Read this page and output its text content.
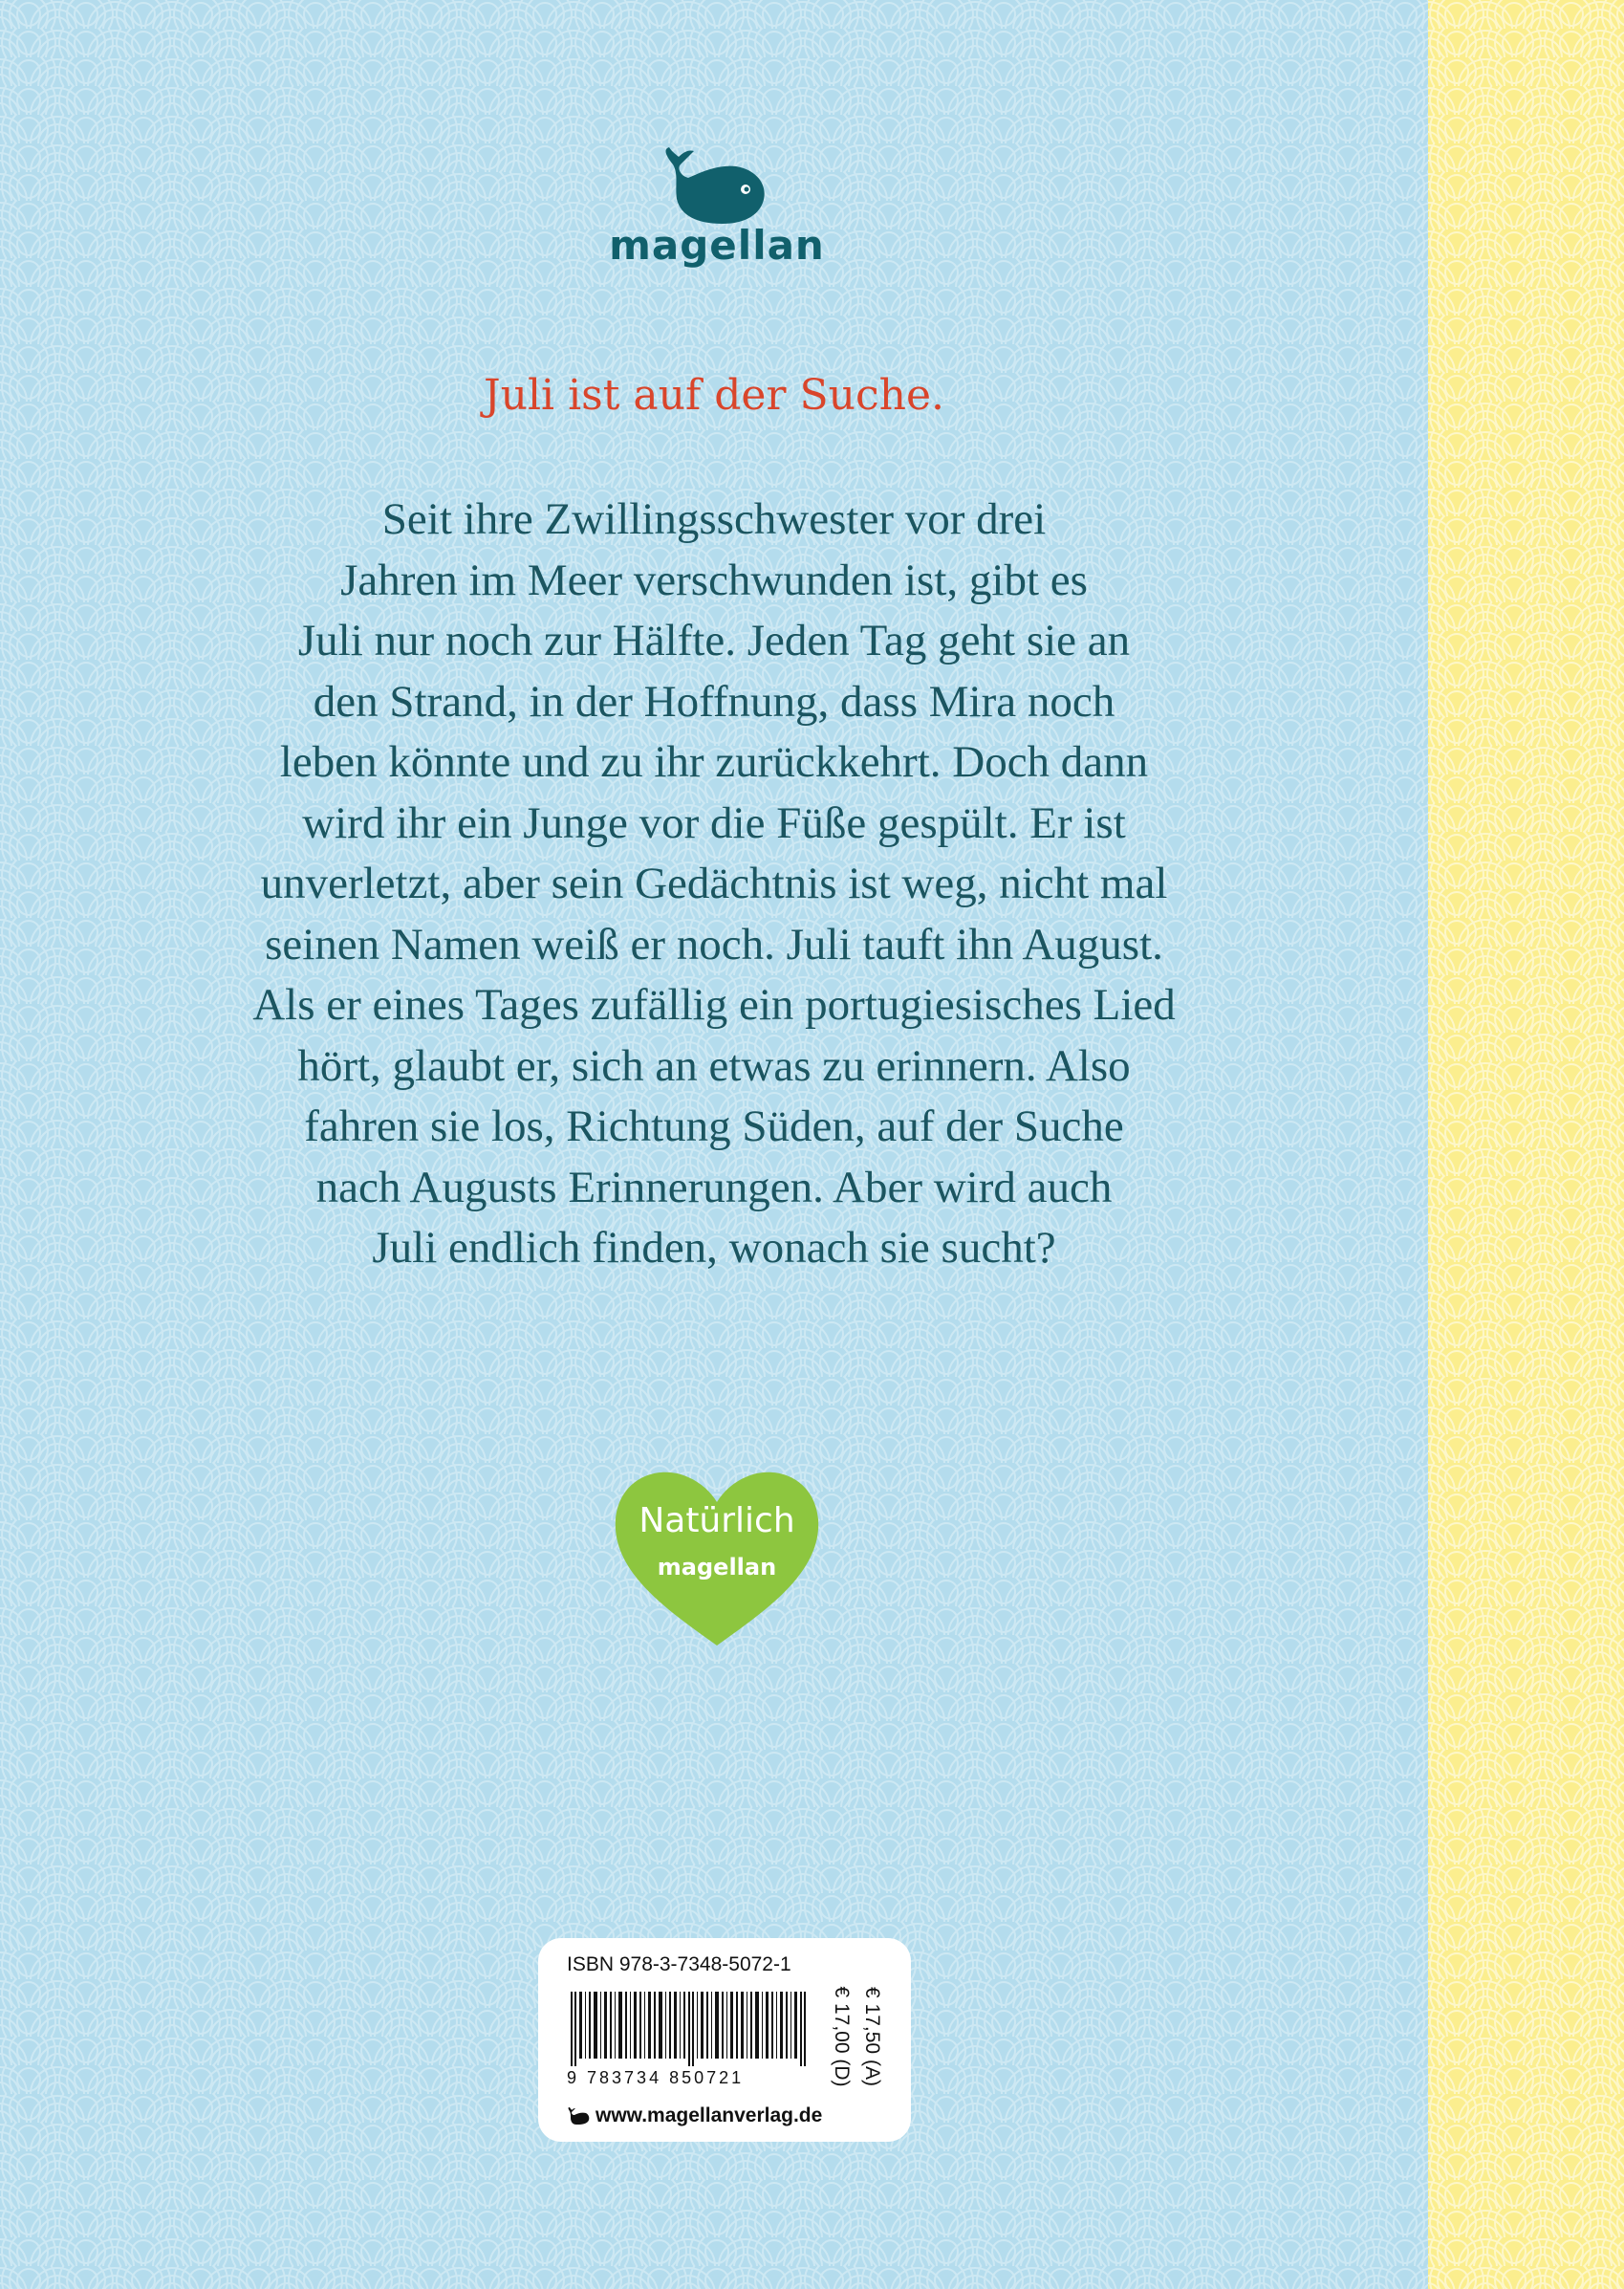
magellan
Juli ist auf der Suche.
Seit ihre Zwillingsschwester vor drei
Jahren im Meer verschwunden ist, gibt es
Juli nur noch zur Hälfte. Jeden Tag geht sie an
den Strand, in der Hoffnung, dass Mira noch
leben könnte und zu ihr zurückkehrt. Doch dann
wird ihr ein Junge vor die Füße gespült. Er ist
unverletzt, aber sein Gedächtnis ist weg, nicht mal
seinen Namen weiß er noch. Juli tauft ihn August.
Als er eines Tages zufällig ein portugiesisches Lied
hört, glaubt er, sich an etwas zu erinnern. Also
fahren sie los, Richtung Süden, auf der Suche
nach Augusts Erinnerungen. Aber wird auch
Juli endlich finden, wonach sie sucht?
Natürlich
magellan
ISBN 978-3-7348-5072-1
9 783734 850721	€ 17,00 (D) € 17,50 (A)
www.magellanverlag.de
